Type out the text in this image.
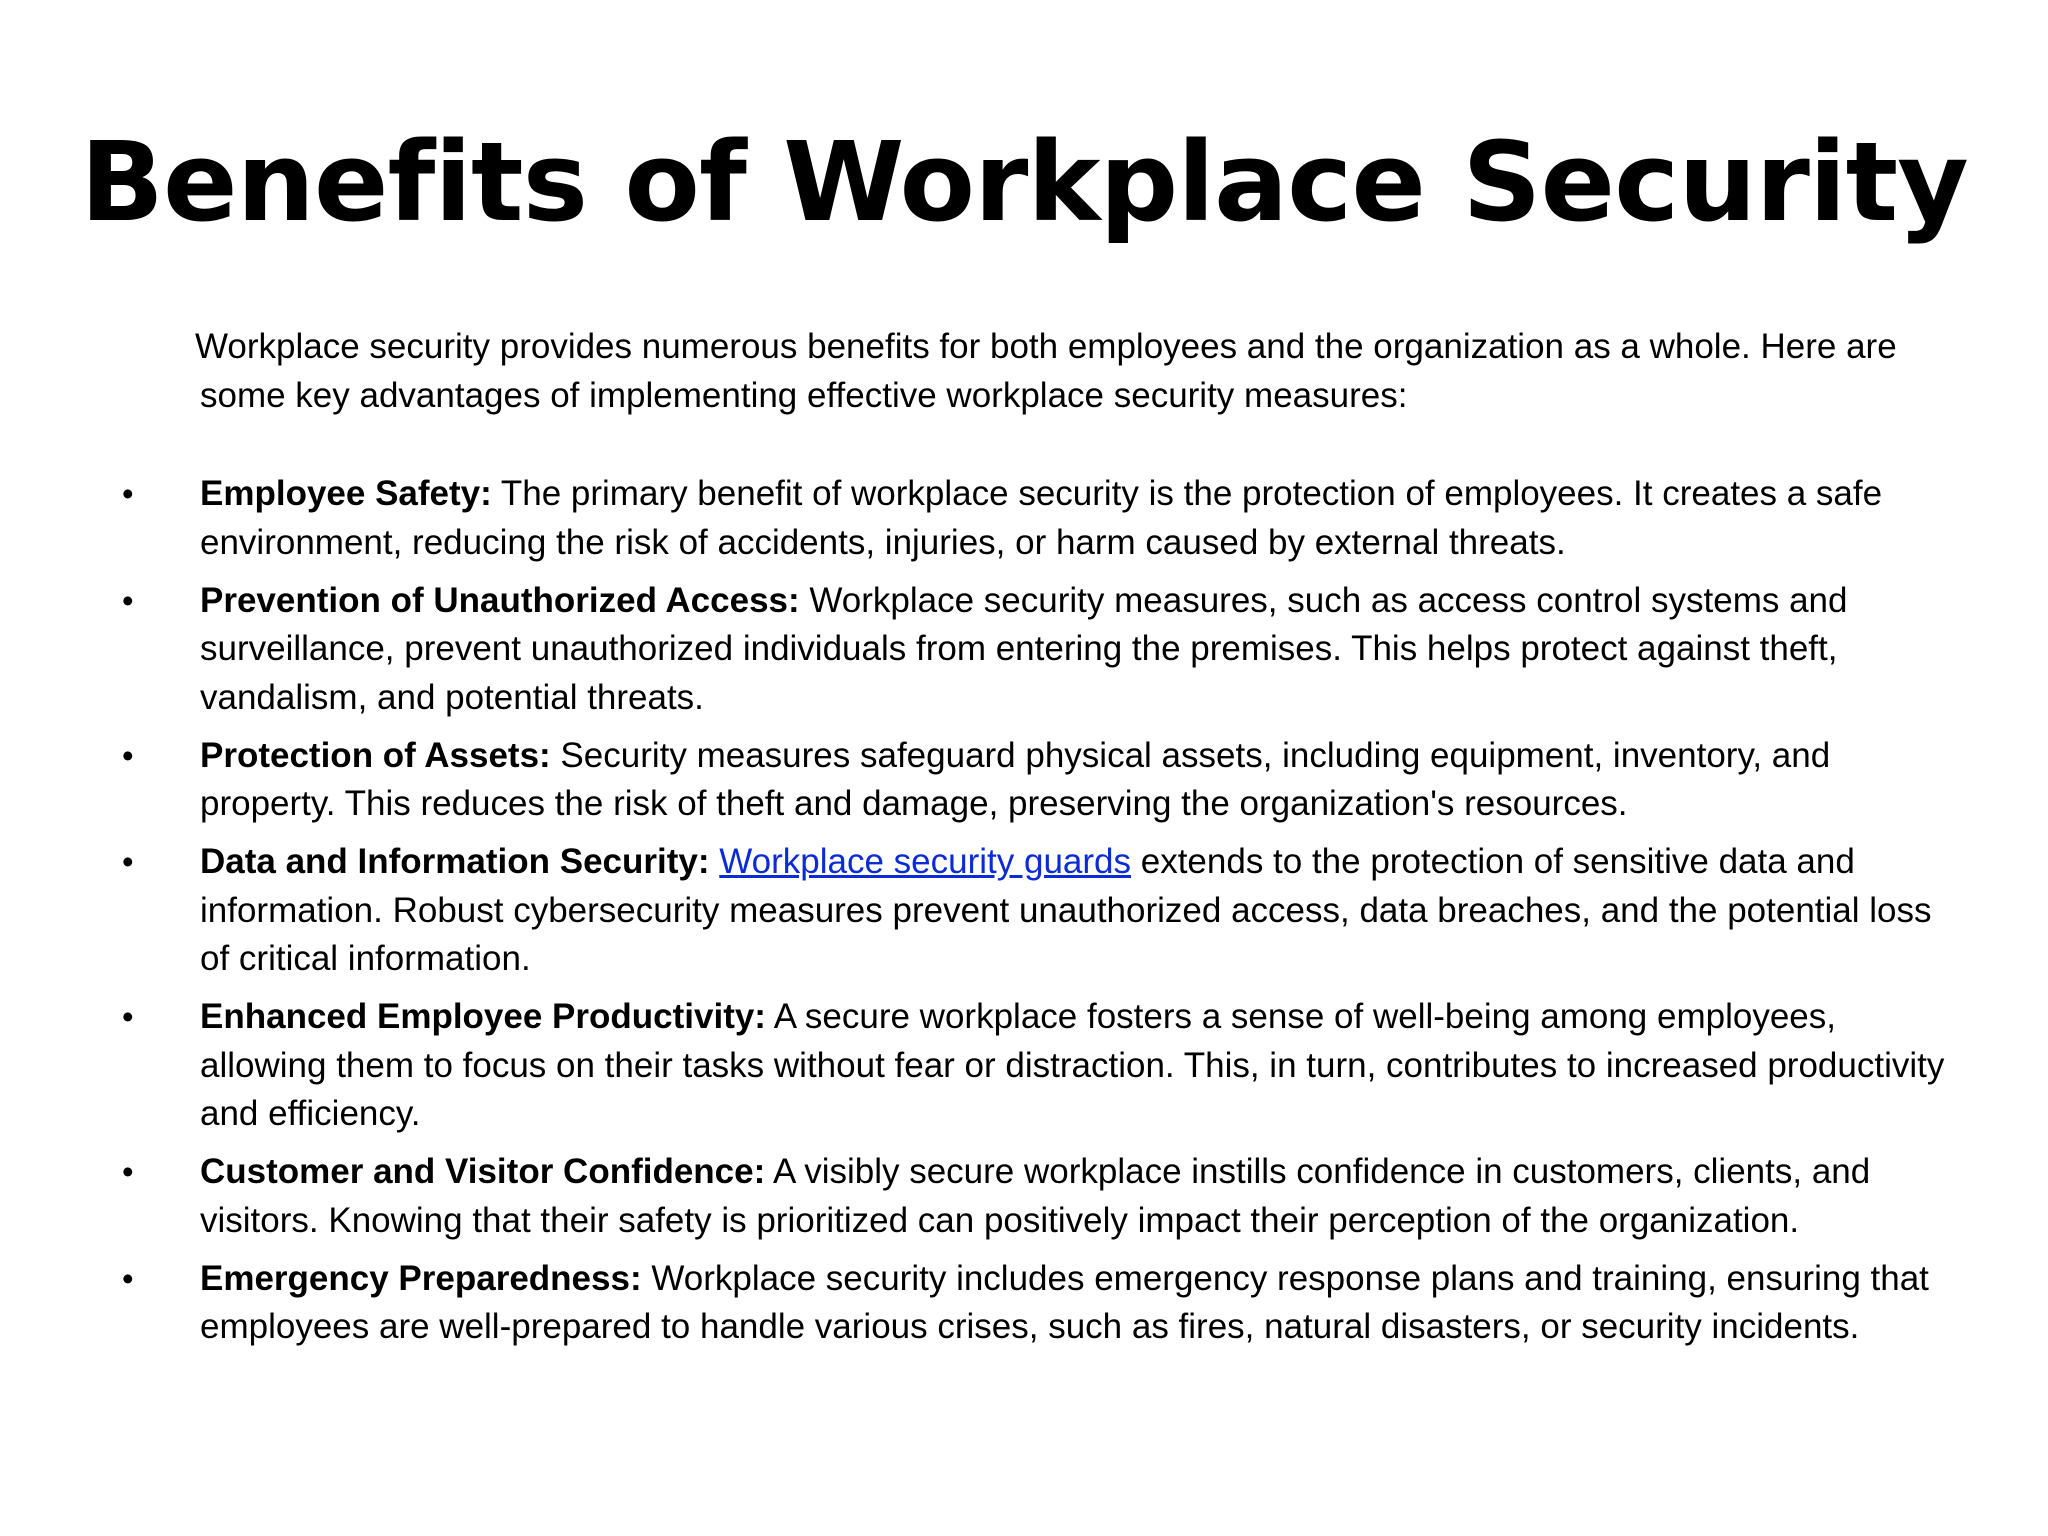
Benefits of Workplace Security

Workplace security provides numerous benefits for both employees and the organization as a whole. Here are some key advantages of implementing effective workplace security measures:

• Employee Safety: The primary benefit of workplace security is the protection of employees. It creates a safe environment, reducing the risk of accidents, injuries, or harm caused by external threats.
• Prevention of Unauthorized Access: Workplace security measures, such as access control systems and surveillance, prevent unauthorized individuals from entering the premises. This helps protect against theft, vandalism, and potential threats.
• Protection of Assets: Security measures safeguard physical assets, including equipment, inventory, and property. This reduces the risk of theft and damage, preserving the organization's resources.
• Data and Information Security: Workplace security guards extends to the protection of sensitive data and information. Robust cybersecurity measures prevent unauthorized access, data breaches, and the potential loss of critical information.
• Enhanced Employee Productivity: A secure workplace fosters a sense of well-being among employees, allowing them to focus on their tasks without fear or distraction. This, in turn, contributes to increased productivity and efficiency.
• Customer and Visitor Confidence: A visibly secure workplace instills confidence in customers, clients, and visitors. Knowing that their safety is prioritized can positively impact their perception of the organization.
• Emergency Preparedness: Workplace security includes emergency response plans and training, ensuring that employees are well-prepared to handle various crises, such as fires, natural disasters, or security incidents.
